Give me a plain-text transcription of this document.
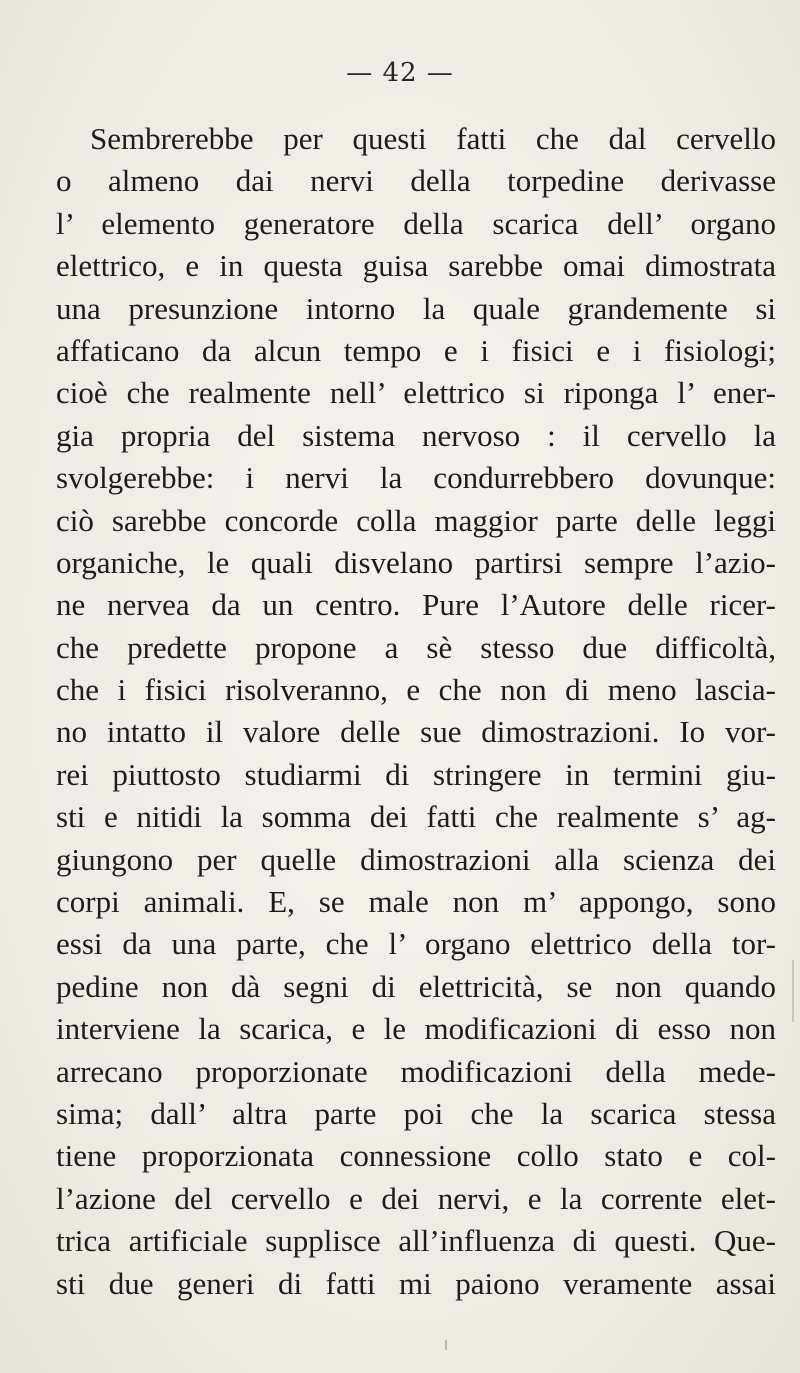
— 42 —
Sembrerebbe per questi fatti che dal cervello
o almeno dai nervi della torpedine derivasse
l’ elemento generatore della scarica dell’ organo
elettrico, e in questa guisa sarebbe omai dimostrata
una presunzione intorno la quale grandemente si
affaticano da alcun tempo e i fisici e i fisiologi;
cioè che realmente nell’ elettrico si riponga l’ ener-
gia propria del sistema nervoso : il cervello la
svolgerebbe: i nervi la condurrebbero dovunque:
ciò sarebbe concorde colla maggior parte delle leggi
organiche, le quali disvelano partirsi sempre l’azio-
ne nervea da un centro. Pure l’Autore delle ricer-
che predette propone a sè stesso due difficoltà,
che i fisici risolveranno, e che non di meno lascia-
no intatto il valore delle sue dimostrazioni. Io vor-
rei piuttosto studiarmi di stringere in termini giu-
sti e nitidi la somma dei fatti che realmente s’ ag-
giungono per quelle dimostrazioni alla scienza dei
corpi animali. E, se male non m’ appongo, sono
essi da una parte, che l’ organo elettrico della tor-
pedine non dà segni di elettricità, se non quando
interviene la scarica, e le modificazioni di esso non
arrecano proporzionate modificazioni della mede-
sima; dall’ altra parte poi che la scarica stessa
tiene proporzionata connessione collo stato e col-
l’azione del cervello e dei nervi, e la corrente elet-
trica artificiale supplisce all’influenza di questi. Que-
sti due generi di fatti mi paiono veramente assai
